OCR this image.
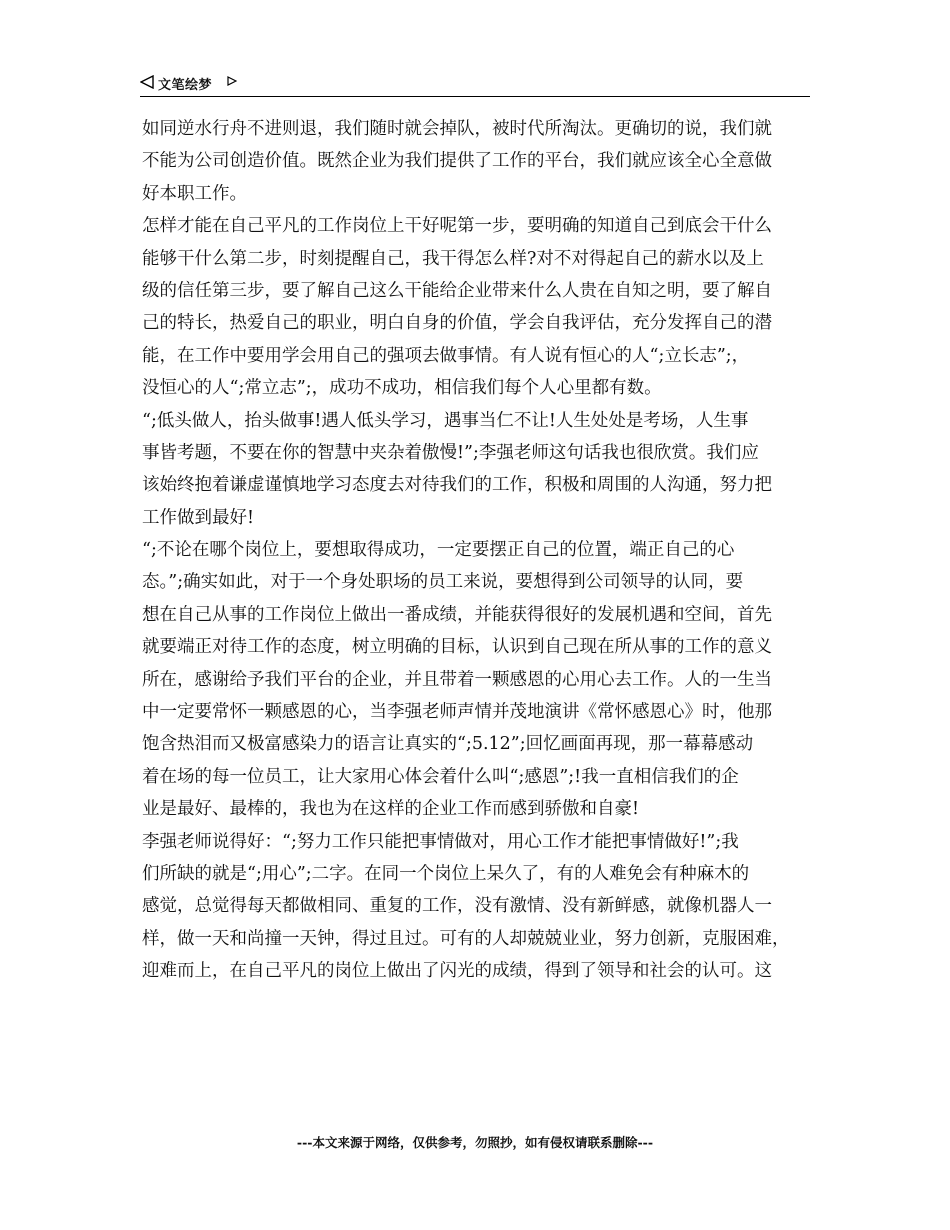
文笔绘梦
如同逆水行舟不进则退，我们随时就会掉队，被时代所淘汰。更确切的说，我们就
不能为公司创造价值。既然企业为我们提供了工作的平台，我们就应该全心全意做
好本职工作。
怎样才能在自己平凡的工作岗位上干好呢第一步，要明确的知道自己到底会干什么
能够干什么第二步，时刻提醒自己，我干得怎么样?对不对得起自己的薪水以及上
级的信任第三步，要了解自己这么干能给企业带来什么人贵在自知之明，要了解自
己的特长，热爱自己的职业，明白自身的价值，学会自我评估，充分发挥自己的潜
能，在工作中要用学会用自己的强项去做事情。有人说有恒心的人“;立长志”;，
没恒心的人“;常立志”;，成功不成功，相信我们每个人心里都有数。
“;低头做人，抬头做事!遇人低头学习，遇事当仁不让!人生处处是考场，人生事
事皆考题，不要在你的智慧中夹杂着傲慢!”;李强老师这句话我也很欣赏。我们应
该始终抱着谦虚谨慎地学习态度去对待我们的工作，积极和周围的人沟通，努力把
工作做到最好!
“;不论在哪个岗位上，要想取得成功，一定要摆正自己的位置，端正自己的心
态。”;确实如此，对于一个身处职场的员工来说，要想得到公司领导的认同，要
想在自己从事的工作岗位上做出一番成绩，并能获得很好的发展机遇和空间，首先
就要端正对待工作的态度，树立明确的目标，认识到自己现在所从事的工作的意义
所在，感谢给予我们平台的企业，并且带着一颗感恩的心用心去工作。人的一生当
中一定要常怀一颗感恩的心，当李强老师声情并茂地演讲《常怀感恩心》时，他那
饱含热泪而又极富感染力的语言让真实的“;5.12”;回忆画面再现，那一幕幕感动
着在场的每一位员工，让大家用心体会着什么叫“;感恩”;!我一直相信我们的企
业是最好、最棒的，我也为在这样的企业工作而感到骄傲和自豪!
李强老师说得好：“;努力工作只能把事情做对，用心工作才能把事情做好!”;我
们所缺的就是“;用心”;二字。在同一个岗位上呆久了，有的人难免会有种麻木的
感觉，总觉得每天都做相同、重复的工作，没有激情、没有新鲜感，就像机器人一
样，做一天和尚撞一天钟，得过且过。可有的人却兢兢业业，努力创新，克服困难，
迎难而上，在自己平凡的岗位上做出了闪光的成绩，得到了领导和社会的认可。这
---本文来源于网络，仅供参考，勿照抄，如有侵权请联系删除---
